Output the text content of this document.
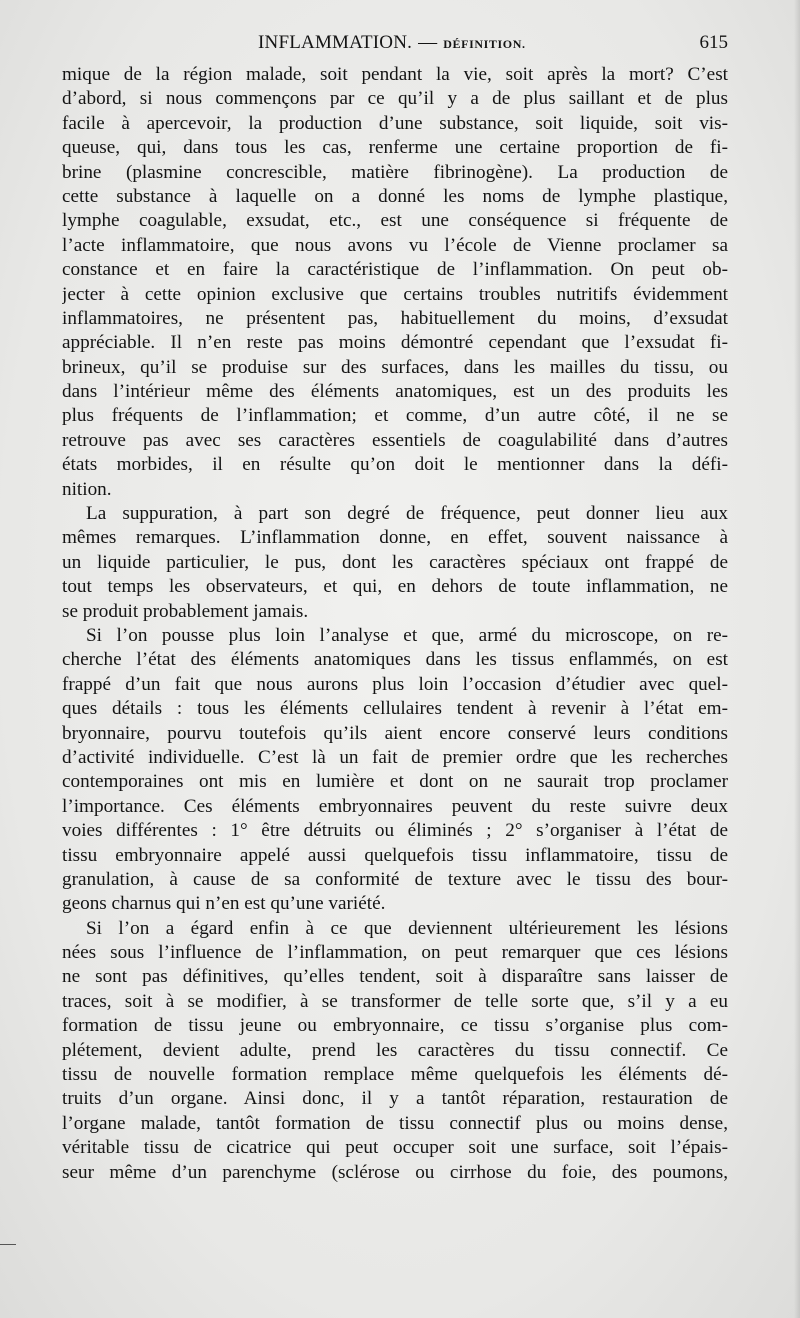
INFLAMMATION. — DÉFINITION.	615
mique de la région malade, soit pendant la vie, soit après la mort? C’est
d’abord, si nous commençons par ce qu’il y a de plus saillant et de plus
facile à apercevoir, la production d’une substance, soit liquide, soit vis-
queuse, qui, dans tous les cas, renferme une certaine proportion de fi-
brine (plasmine concrescible, matière fibrinogène). La production de
cette substance à laquelle on a donné les noms de lymphe plastique,
lymphe coagulable, exsudat, etc., est une conséquence si fréquente de
l’acte inflammatoire, que nous avons vu l’école de Vienne proclamer sa
constance et en faire la caractéristique de l’inflammation. On peut ob-
jecter à cette opinion exclusive que certains troubles nutritifs évidemment
inflammatoires, ne présentent pas, habituellement du moins, d’exsudat
appréciable. Il n’en reste pas moins démontré cependant que l’exsudat fi-
brineux, qu’il se produise sur des surfaces, dans les mailles du tissu, ou
dans l’intérieur même des éléments anatomiques, est un des produits les
plus fréquents de l’inflammation; et comme, d’un autre côté, il ne se
retrouve pas avec ses caractères essentiels de coagulabilité dans d’autres
états morbides, il en résulte qu’on doit le mentionner dans la défi-
nition.
La suppuration, à part son degré de fréquence, peut donner lieu aux
mêmes remarques. L’inflammation donne, en effet, souvent naissance à
un liquide particulier, le pus, dont les caractères spéciaux ont frappé de
tout temps les observateurs, et qui, en dehors de toute inflammation, ne
se produit probablement jamais.
Si l’on pousse plus loin l’analyse et que, armé du microscope, on re-
cherche l’état des éléments anatomiques dans les tissus enflammés, on est
frappé d’un fait que nous aurons plus loin l’occasion d’étudier avec quel-
ques détails : tous les éléments cellulaires tendent à revenir à l’état em-
bryonnaire, pourvu toutefois qu’ils aient encore conservé leurs conditions
d’activité individuelle. C’est là un fait de premier ordre que les recherches
contemporaines ont mis en lumière et dont on ne saurait trop proclamer
l’importance. Ces éléments embryonnaires peuvent du reste suivre deux
voies différentes : 1° être détruits ou éliminés ; 2° s’organiser à l’état de
tissu embryonnaire appelé aussi quelquefois tissu inflammatoire, tissu de
granulation, à cause de sa conformité de texture avec le tissu des bour-
geons charnus qui n’en est qu’une variété.
Si l’on a égard enfin à ce que deviennent ultérieurement les lésions
nées sous l’influence de l’inflammation, on peut remarquer que ces lésions
ne sont pas définitives, qu’elles tendent, soit à disparaître sans laisser de
traces, soit à se modifier, à se transformer de telle sorte que, s’il y a eu
formation de tissu jeune ou embryonnaire, ce tissu s’organise plus com-
plétement, devient adulte, prend les caractères du tissu connectif. Ce
tissu de nouvelle formation remplace même quelquefois les éléments dé-
truits d’un organe. Ainsi donc, il y a tantôt réparation, restauration de
l’organe malade, tantôt formation de tissu connectif plus ou moins dense,
véritable tissu de cicatrice qui peut occuper soit une surface, soit l’épais-
seur même d’un parenchyme (sclérose ou cirrhose du foie, des poumons,
